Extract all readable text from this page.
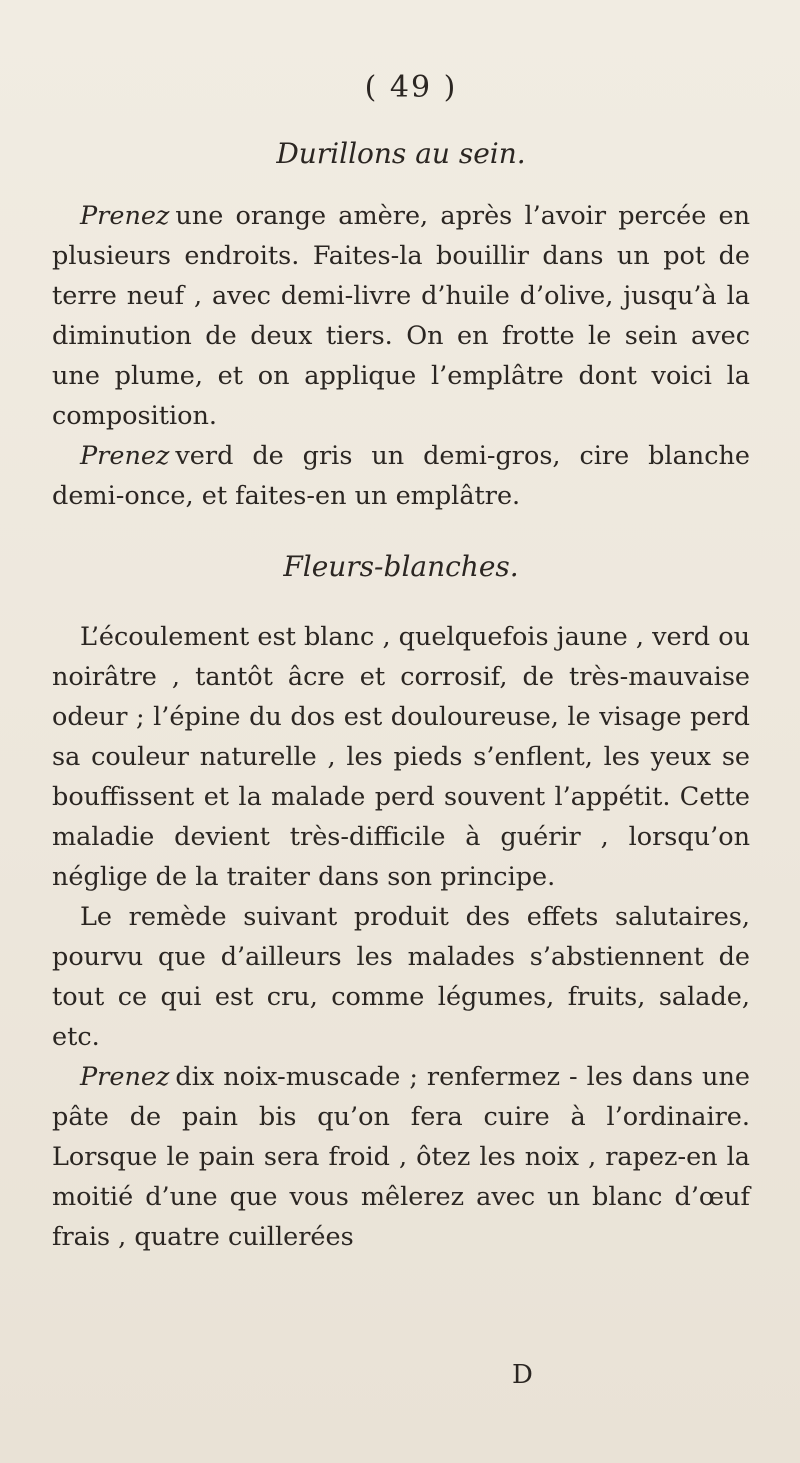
( 49 )
Durillons au sein.

Prenez une orange amère, après l’avoir percée en plusieurs endroits. Faites-la bouillir dans un pot de terre neuf , avec demi-livre d’huile d’olive, jusqu’à la diminution de deux tiers. On en frotte le sein avec une plume, et on applique l’emplâtre dont voici la composition.

Prenez verd de gris un demi-gros, cire blanche demi-once, et faites-en un emplâtre.

Fleurs-blanches.

L’écoulement est blanc , quelquefois jaune , verd ou noirâtre , tantôt âcre et corrosif, de très-mauvaise odeur ; l’épine du dos est douloureuse, le visage perd sa couleur naturelle , les pieds s’enflent, les yeux se bouffissent et la malade perd souvent l’appétit. Cette maladie devient très-difficile à guérir , lorsqu’on néglige de la traiter dans son principe.

Le remède suivant produit des effets salutaires, pourvu que d’ailleurs les malades s’abstiennent de tout ce qui est cru, comme légumes, fruits, salade, etc.

Prenez dix noix-muscade ; renfermez - les dans une pâte de pain bis qu’on fera cuire à l’ordinaire. Lorsque le pain sera froid , ôtez les noix , rapez-en la moitié d’une que vous mêlerez avec un blanc d’œuf frais , quatre cuillerées

D
